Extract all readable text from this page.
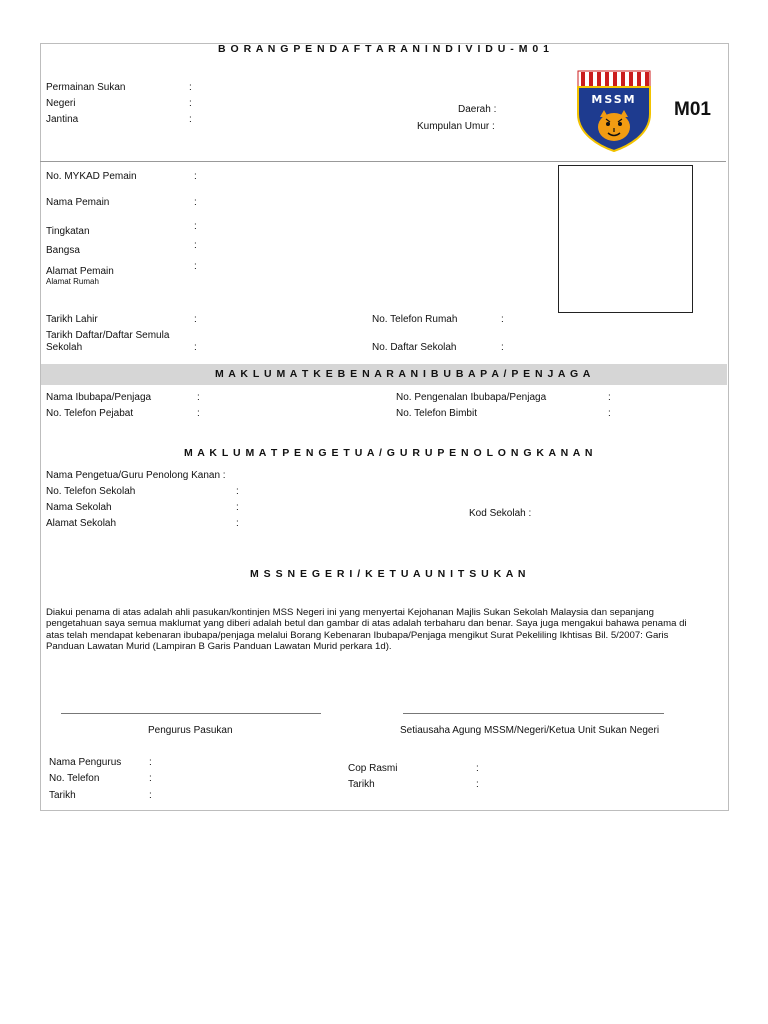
B O R A N G P E N D A F T A R A N I N D I V I D U - M 0 1
Permainan Sukan	:
Negeri	:
Jantina	:
Daerah :
Kumpulan Umur :
MSSM M01
No. MYKAD Pemain	:
Nama Pemain	:
:
Tingkatan
:
Bangsa
:
Alamat Pemain
Alamat Rumah
Tarikh Lahir	:	No. Telefon Rumah	:
Tarikh Daftar/Daftar Semula
Sekolah	:	No. Daftar Sekolah	:
M A K L U M A T K E B E N A R A N I B U B A P A / P E N J A G A
Nama Ibubapa/Penjaga	:	No. Pengenalan Ibubapa/Penjaga	:
No. Telefon Pejabat	:	No. Telefon Bimbit	:
M A K L U M A T P E N G E T U A / G U R U P E N O L O N G K A N A N
Nama Pengetua/Guru Penolong Kanan :
No. Telefon Sekolah	:
Nama Sekolah	:
Alamat Sekolah	:
Kod Sekolah :
M S S N E G E R I / K E T U A U N I T S U K A N
Diakui penama di atas adalah ahli pasukan/kontinjen MSS Negeri ini yang menyertai Kejohanan Majlis Sukan Sekolah Malaysia dan sepanjang pengetahuan saya semua maklumat yang diberi adalah betul dan gambar di atas adalah terbaharu dan benar. Saya juga mengakui bahawa penama di atas telah mendapat kebenaran ibubapa/penjaga melalui Borang Kebenaran Ibubapa/Penjaga mengikut Surat Pekeliling Ikhtisas Bil. 5/2007: Garis Panduan Lawatan Murid (Lampiran B Garis Panduan Lawatan Murid perkara 1d).
Pengurus Pasukan	Setiausaha Agung MSSM/Negeri/Ketua Unit Sukan Negeri
Nama Pengurus	:
No. Telefon	:
Tarikh	:
Cop Rasmi	:
Tarikh	:
